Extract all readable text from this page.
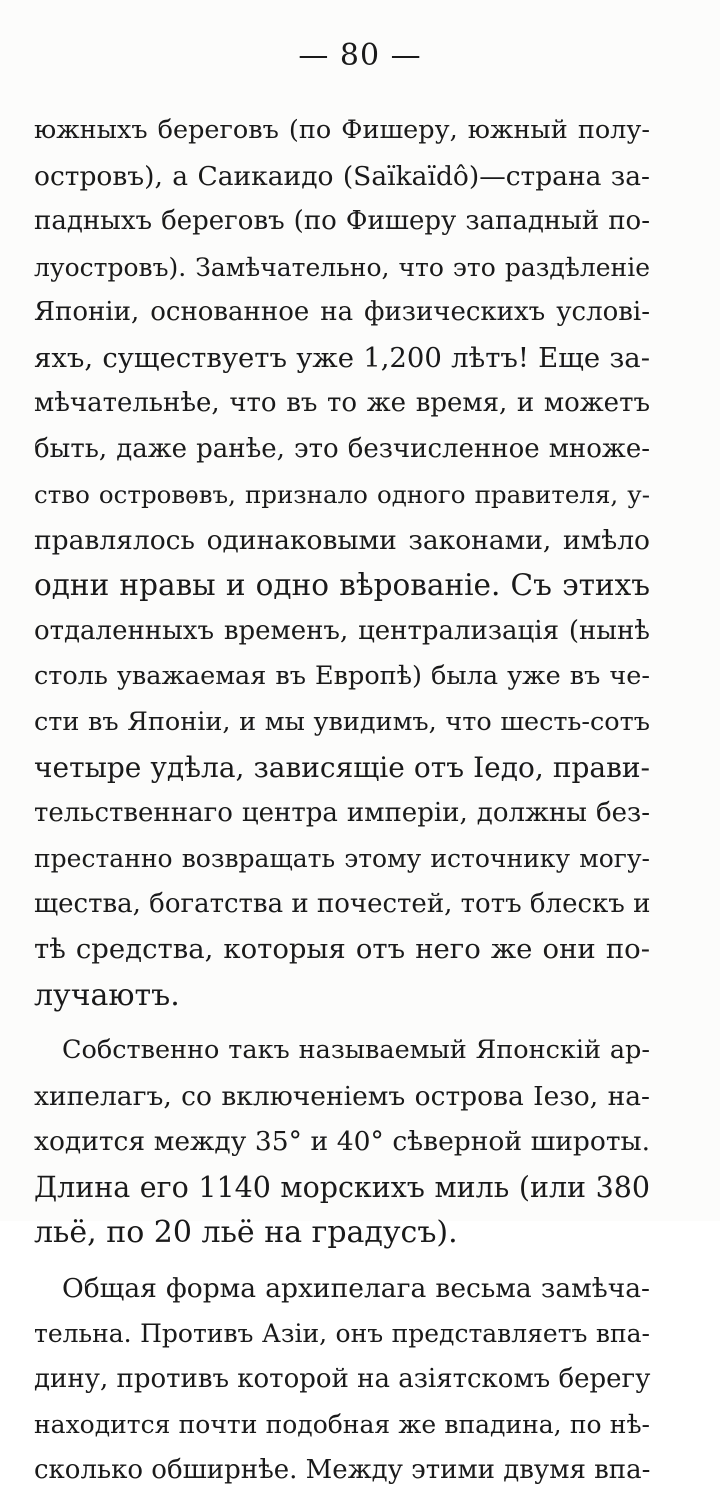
— 80 —
южныхъ береговъ (по Фишеру, южный полу-
островъ), а Саикаидо (Saïkaïdô)—страна за-
падныхъ береговъ (по Фишеру западный по-
луостровъ). Замѣчательно, что это раздѣленіе
Японіи, основанное на физическихъ услові-
яхъ, существуетъ уже 1,200 лѣтъ! Еще за-
мѣчательнѣе, что въ то же время, и можетъ
быть, даже ранѣе, это безчисленное множе-
ство островѳвъ, признало одного правителя, у-
правлялось одинаковыми законами, имѣло
одни нравы и одно вѣрованіе. Съ этихъ
отдаленныхъ временъ, централизація (нынѣ
столь уважаемая въ Европѣ) была уже въ че-
сти въ Японіи, и мы увидимъ, что шесть-сотъ
четыре удѣла, зависящіе отъ Іедо, прави-
тельственнаго центра имперіи, должны без-
престанно возвращать этому источнику могу-
щества, богатства и почестей, тотъ блескъ и
тѣ средства, которыя отъ него же они по-
лучаютъ.
Собственно такъ называемый Японскій ар-
хипелагъ, со включеніемъ острова Іезо, на-
ходится между 35° и 40° сѣверной широты.
Длина его 1140 морскихъ миль (или 380
льё, по 20 льё на градусъ).
Общая форма архипелага весьма замѣча-
тельна. Противъ Азіи, онъ представляетъ впа-
дину, противъ которой на азіятскомъ берегу
находится почти подобная же впадина, по нѣ-
сколько обширнѣе. Между этими двумя впа-
